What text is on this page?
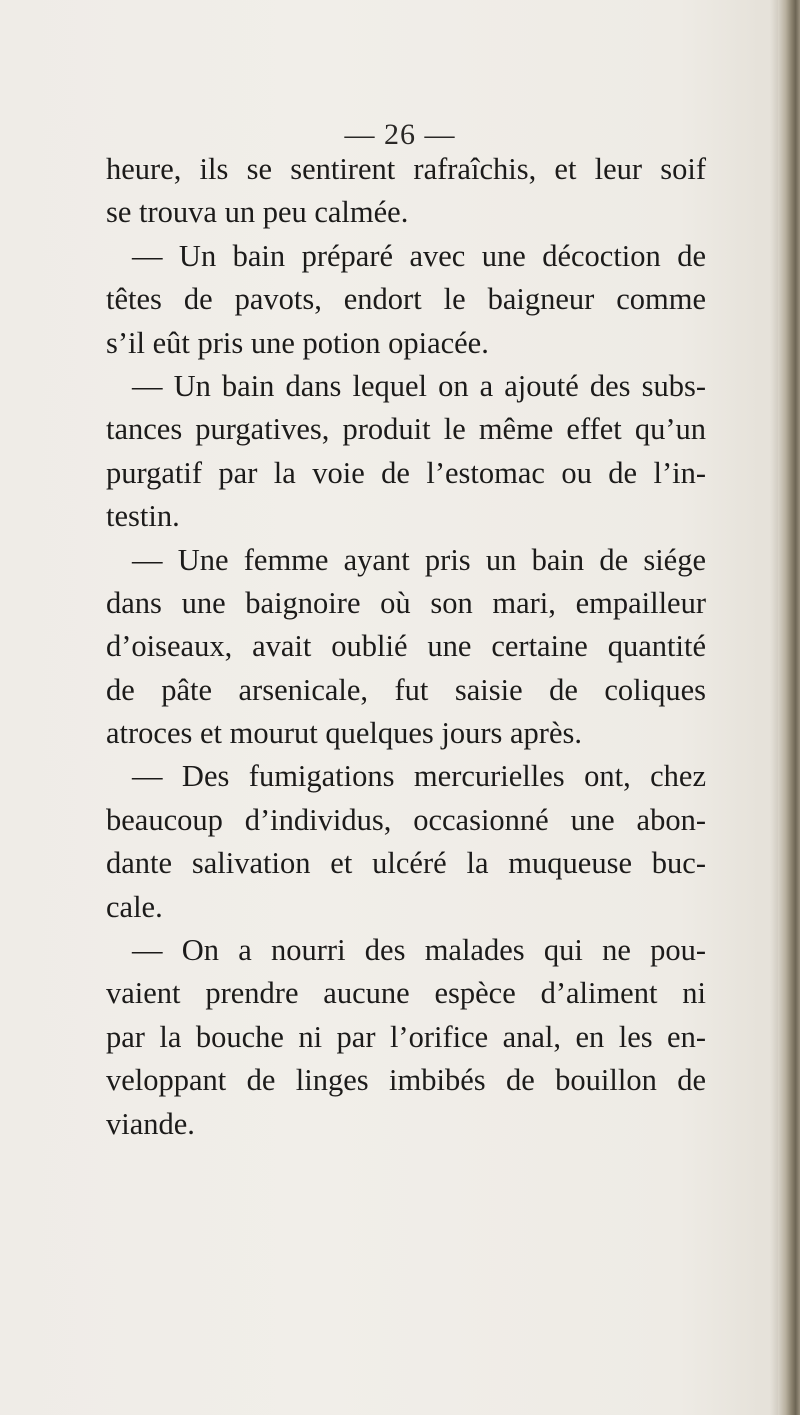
— 26 —
heure, ils se sentirent rafraîchis, et leur soif
se trouva un peu calmée.
— Un bain préparé avec une décoction de
têtes de pavots, endort le baigneur comme
s’il eût pris une potion opiacée.
— Un bain dans lequel on a ajouté des subs-
tances purgatives, produit le même effet qu’un
purgatif par la voie de l’estomac ou de l’in-
testin.
— Une femme ayant pris un bain de siége
dans une baignoire où son mari, empailleur
d’oiseaux, avait oublié une certaine quantité
de pâte arsenicale, fut saisie de coliques
atroces et mourut quelques jours après.
— Des fumigations mercurielles ont, chez
beaucoup d’individus, occasionné une abon-
dante salivation et ulcéré la muqueuse buc-
cale.
— On a nourri des malades qui ne pou-
vaient prendre aucune espèce d’aliment ni
par la bouche ni par l’orifice anal, en les en-
veloppant de linges imbibés de bouillon de
viande.
